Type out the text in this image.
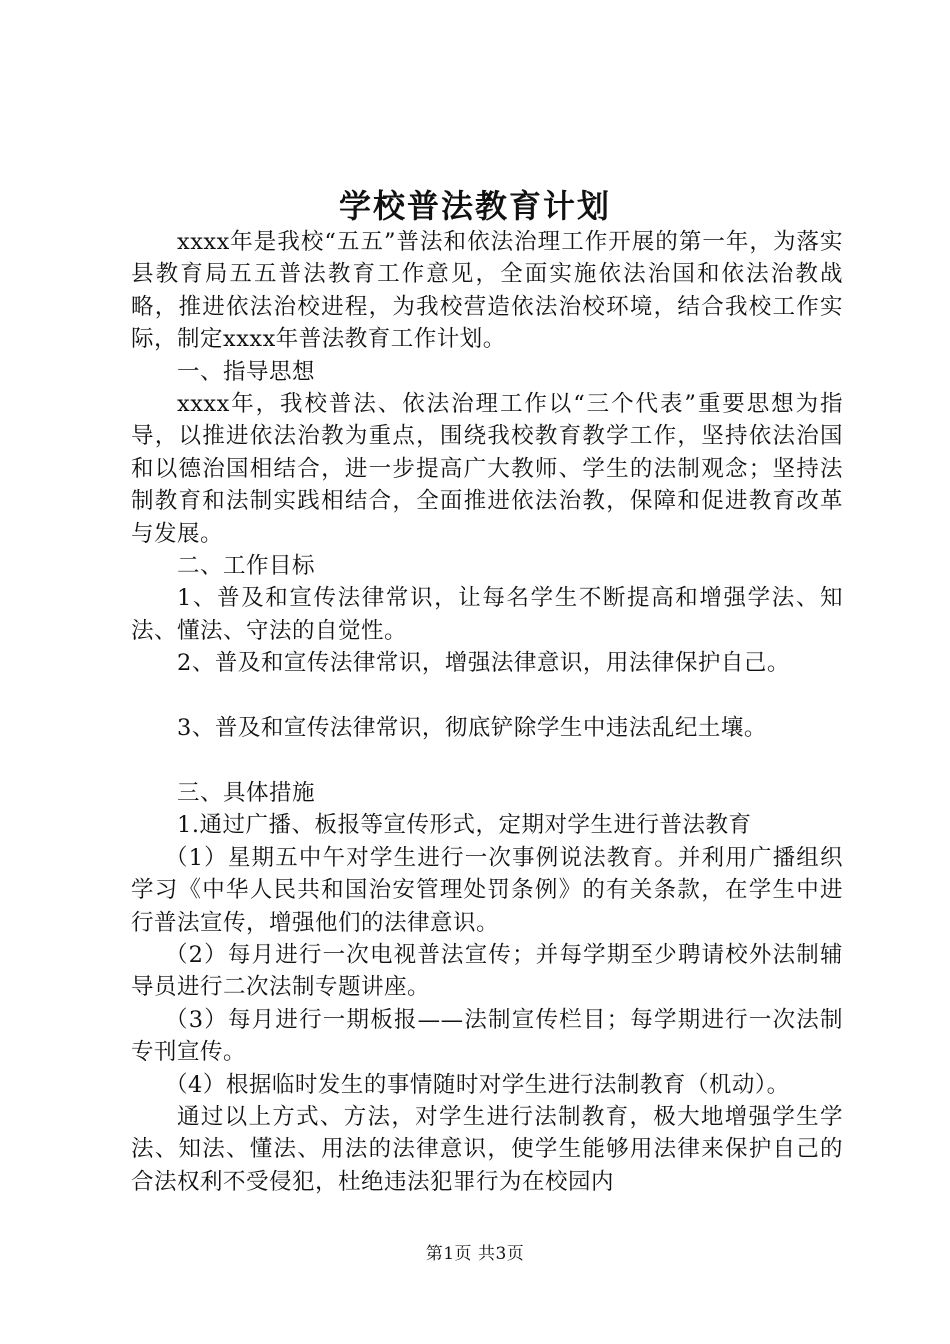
学校普法教育计划

xxxx年是我校“五五”普法和依法治理工作开展的第一年，为落实县教育局五五普法教育工作意见，全面实施依法治国和依法治教战略，推进依法治校进程，为我校营造依法治校环境，结合我校工作实际，制定xxxx年普法教育工作计划。

一、指导思想

xxxx年，我校普法、依法治理工作以“三个代表”重要思想为指导，以推进依法治教为重点，围绕我校教育教学工作，坚持依法治国和以德治国相结合，进一步提高广大教师、学生的法制观念；坚持法制教育和法制实践相结合，全面推进依法治教，保障和促进教育改革与发展。

二、工作目标

1、普及和宣传法律常识，让每名学生不断提高和增强学法、知法、懂法、守法的自觉性。

2、普及和宣传法律常识，增强法律意识，用法律保护自己。

3、普及和宣传法律常识，彻底铲除学生中违法乱纪土壤。

三、具体措施

1.通过广播、板报等宣传形式，定期对学生进行普法教育

（1）星期五中午对学生进行一次事例说法教育。并利用广播组织学习《中华人民共和国治安管理处罚条例》的有关条款，在学生中进行普法宣传，增强他们的法律意识。

（2）每月进行一次电视普法宣传；并每学期至少聘请校外法制辅导员进行二次法制专题讲座。

（3）每月进行一期板报——法制宣传栏目；每学期进行一次法制专刊宣传。

（4）根据临时发生的事情随时对学生进行法制教育（机动）。

通过以上方式、方法，对学生进行法制教育，极大地增强学生学法、知法、懂法、用法的法律意识，使学生能够用法律来保护自己的合法权利不受侵犯，杜绝违法犯罪行为在校园内

第1页 共3页
